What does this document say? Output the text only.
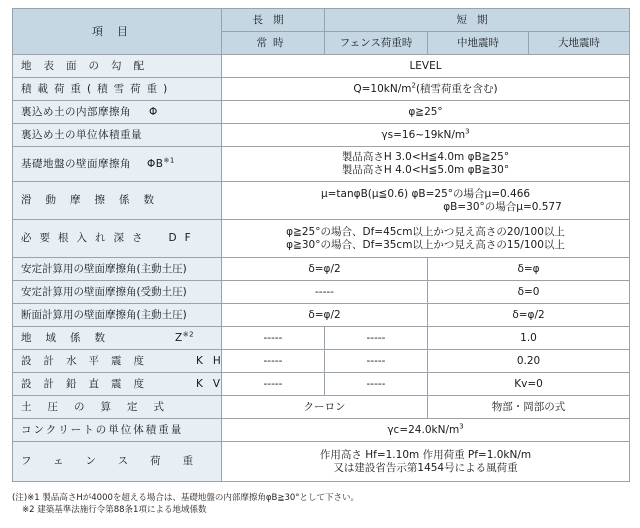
項目	長期	短期		
	常時	フェンス荷重時	中地震時	大地震時
地表面の勾配	LEVEL			
積載荷重(積雪荷重)	$Q=10kN/m^2$(積雪荷重を含む)			
裏込め土の内部摩擦角 Φ	φ≧25°			
裏込め土の単位体積重量	$\gamma s=16\sim 19kN/m^3$
基礎地盤の壁面摩擦角 ΦB$^{※1}$	製品高さH 3.0<H≦4.0m φB≧25°
製品高さH 4.0<H≦5.0m φB≧30°			

滑動摩擦係数	μ=tanφB(μ≦0.6) φB=25°の場合μ=0.466
φB=30°の場合μ=0.577			

必要根入れ深さ DF	φ≧25°の場合、Df=45cm以上かつ見え高さの20/100以上
φ≧30°の場合、Df=35cm以上かつ見え高さの15/100以上			

安定計算用の壁面摩擦角(主動土圧)	δ=φ/2		δ=φ	
安定計算用の壁面摩擦角(受動土圧)	-----		δ=0	
断面計算用の壁面摩擦角(主動土圧)	δ=φ/2		δ=φ/2	
地域係数 $Z^{※2}$	-----	-----	1.0	
設計水平震度 KH	-----	-----	0.20	
設計鉛直震度 KV	-----	-----	Kv=0	
土圧の算定式	クーロン		物部・岡部の式	
コンクリートの単位体積重量	$\gamma c=24.0kN/m^3$
フェンス荷重	作用高さ Hf=1.10m 作用荷重 Pf=1.0kN/m
又は建設省告示第1454号による風荷重			
(注)※1 製品高さHが4000を超える場合は、基礎地盤の内部摩擦角φB≧30°として下さい。
※2 建築基準法施行令第88条1項による地域係数
